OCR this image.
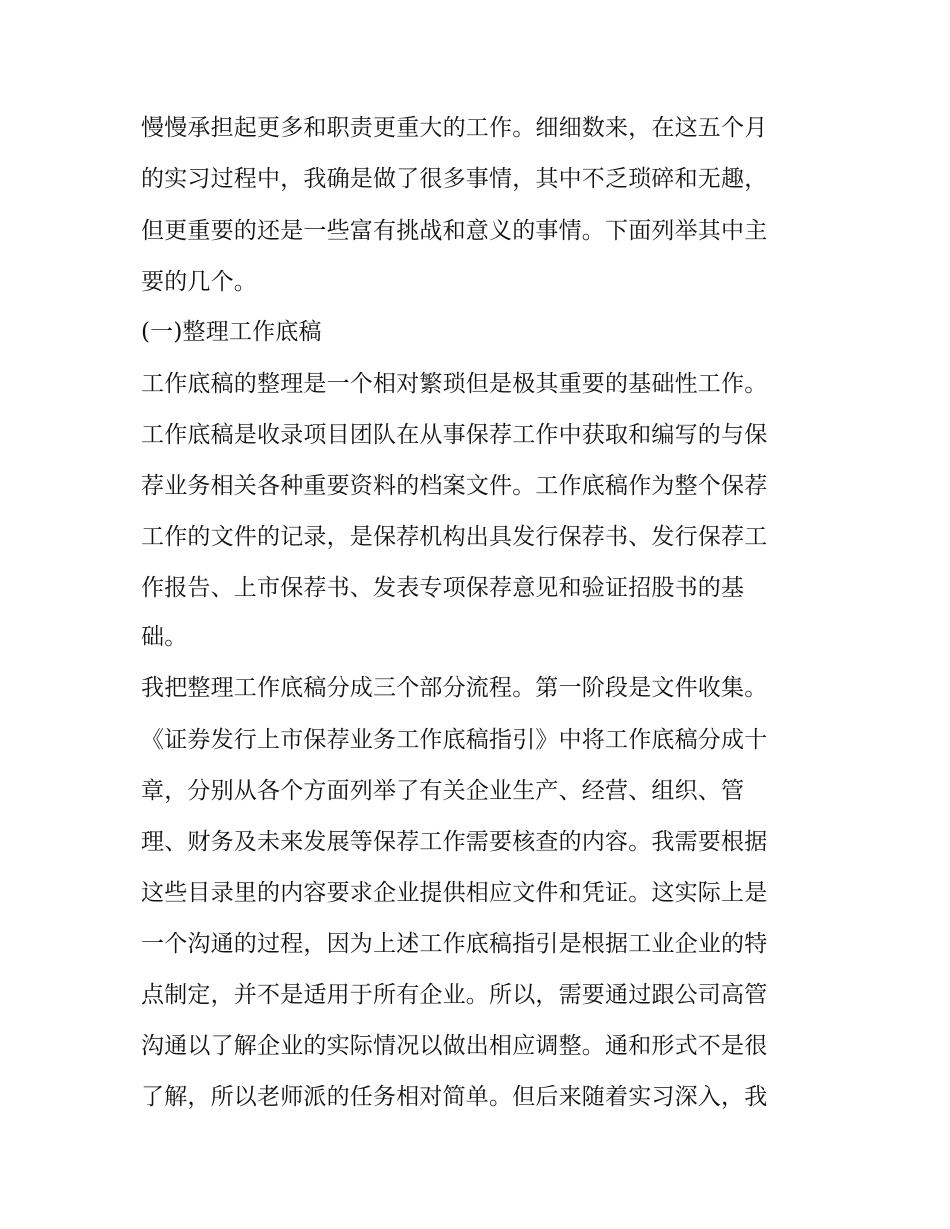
慢慢承担起更多和职责更重大的工作。细细数来，在这五个月
的实习过程中，我确是做了很多事情，其中不乏琐碎和无趣，
但更重要的还是一些富有挑战和意义的事情。下面列举其中主
要的几个。
(一)整理工作底稿
工作底稿的整理是一个相对繁琐但是极其重要的基础性工作。
工作底稿是收录项目团队在从事保荐工作中获取和编写的与保
荐业务相关各种重要资料的档案文件。工作底稿作为整个保荐
工作的文件的记录，是保荐机构出具发行保荐书、发行保荐工
作报告、上市保荐书、发表专项保荐意见和验证招股书的基
础。
我把整理工作底稿分成三个部分流程。第一阶段是文件收集。
《证券发行上市保荐业务工作底稿指引》中将工作底稿分成十
章，分别从各个方面列举了有关企业生产、经营、组织、管
理、财务及未来发展等保荐工作需要核查的内容。我需要根据
这些目录里的内容要求企业提供相应文件和凭证。这实际上是
一个沟通的过程，因为上述工作底稿指引是根据工业企业的特
点制定，并不是适用于所有企业。所以，需要通过跟公司高管
沟通以了解企业的实际情况以做出相应调整。通和形式不是很
了解，所以老师派的任务相对简单。但后来随着实习深入，我
